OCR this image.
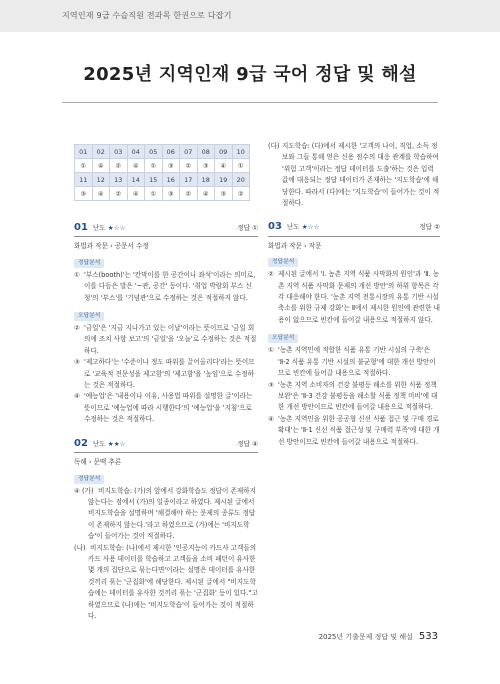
지역인재 9급 수습직원 전과목 한권으로 다잡기
2025년 지역인재 9급 국어 정답 및 해설
01	02	03	04	05	06	07	08	09	10
①	④	②	④	①	③	②	③	④	①
11	12	13	14	15	16	17	18	19	20
③	④	②	④	①	③	②	④	③	②
01 난도 ★☆☆	정답 ①
화법과 작문 › 공문서 수정
정답분석
① '부스(booth)'는 '칸막이를 한 공간이나 좌석'이라는 의미로, 이를 다듬은 말은 '~관, 공간' 등이다. '취업 박람회 부스 신청'의 '부스'를 '기념관'으로 수정하는 것은 적절하지 않다.
오답분석
② '금일'은 '지금 지나가고 있는 이날'이라는 뜻이므로 '금일 회의에 조치 사항 보고'의 '금일'을 '오늘'로 수정하는 것은 적절하다.
③ '제고하다'는 '수준이나 정도 따위를 끌어올리다'라는 뜻이므로 '교육적 전문성을 제고함'의 '제고함'을 '높임'으로 수정하는 것은 적절하다.
④ '예능업'은 '내용이나 이유, 사용법 따위를 설명한 글'이라는 뜻이므로 '예능업에 따라 시행한다'의 '예능업'을 '지침'으로 수정하는 것은 적절하다.
02 난도 ★★☆	정답 ④
독해 › 문맥 추론
정답분석
④ (가) 비지도학습: (가)의 앞에서 강화학습도 정답이 존재하지 않는다는 점에서 (가)의 일종이라고 하였다. 제시된 글에서 비지도학습을 설명하며 '해결해야 하는 문제의 종류도 정답이 존재하지 않는다.'라고 하였으므로 (가)에는 '비지도학습'이 들어가는 것이 적절하다.
(나) 비지도학습: (나)에서 제시한 '인공지능이 카드사 고객들의 카드 사용 데이터를 학습하고 고객들을 소비 패턴이 유사한 몇 개의 집단으로 묶는다면'이라는 설명은 데이터를 유사한 것끼리 묶는 '군집화'에 해당한다. 제시된 글에서 "비지도학습에는 데이터를 유사한 것끼리 묶는 '군집화' 등이 있다."고 하였으므로 (나)에는 '비지도학습'이 들어가는 것이 적절하다.
(다) 지도학습: (다)에서 제시한 '고객의 나이, 직업, 소득 정보와 그들 통해 얻은 신용 점수의 대응 관계를 학습하여 '위험 고객'이라는 정답 데이터를 도출'하는 것은 입력값에 대응되는 정답 데이터가 존재하는 '지도학습'에 해당한다. 따라서 (다)에는 '지도학습'이 들어가는 것이 적절하다.
03 난도 ★☆☆	정답 ②
화법과 작문 › 작문
정답분석
② 제시된 글에서 'Ⅰ. 농촌 지역 식품 사막화의 원인'과 'Ⅱ. 농촌 지역 식품 사막화 문제의 개선 방안'의 하위 항목은 각각 대응해야 한다. '농촌 지역 전통시장의 유통 기반 시설 축소를 위한 규제 강화'는 Ⅱ에서 제시한 원인에 관련한 내용이 없으므로 빈칸에 들어갈 내용으로 적절하지 않다.
오답분석
① '농촌 지역민에 적합한 식품 유통 기반 시설의 구축'은 'Ⅱ-2 식품 유통 기반 시설의 불균형'에 대한 개선 방안이므로 빈칸에 들어갈 내용으로 적절하다.
③ '농촌 지역 소비자의 건강 불평등 해소를 위한 식품 정책 보완'은 'Ⅱ-3 건강 불평등을 해소할 식품 정책 미비'에 대한 개선 방안이므로 빈칸에 들어갈 내용으로 적절하다.
④ '농촌 지역민을 위한 공공형 신선 식품 접근 및 구매 경로 확대'는 'Ⅱ-1 신선 식품 접근성 및 구매력 부족'에 대한 개선 방안이므로 빈칸에 들어갈 내용으로 적절하다.
2025년 기출문제 정답 및 해설 533
